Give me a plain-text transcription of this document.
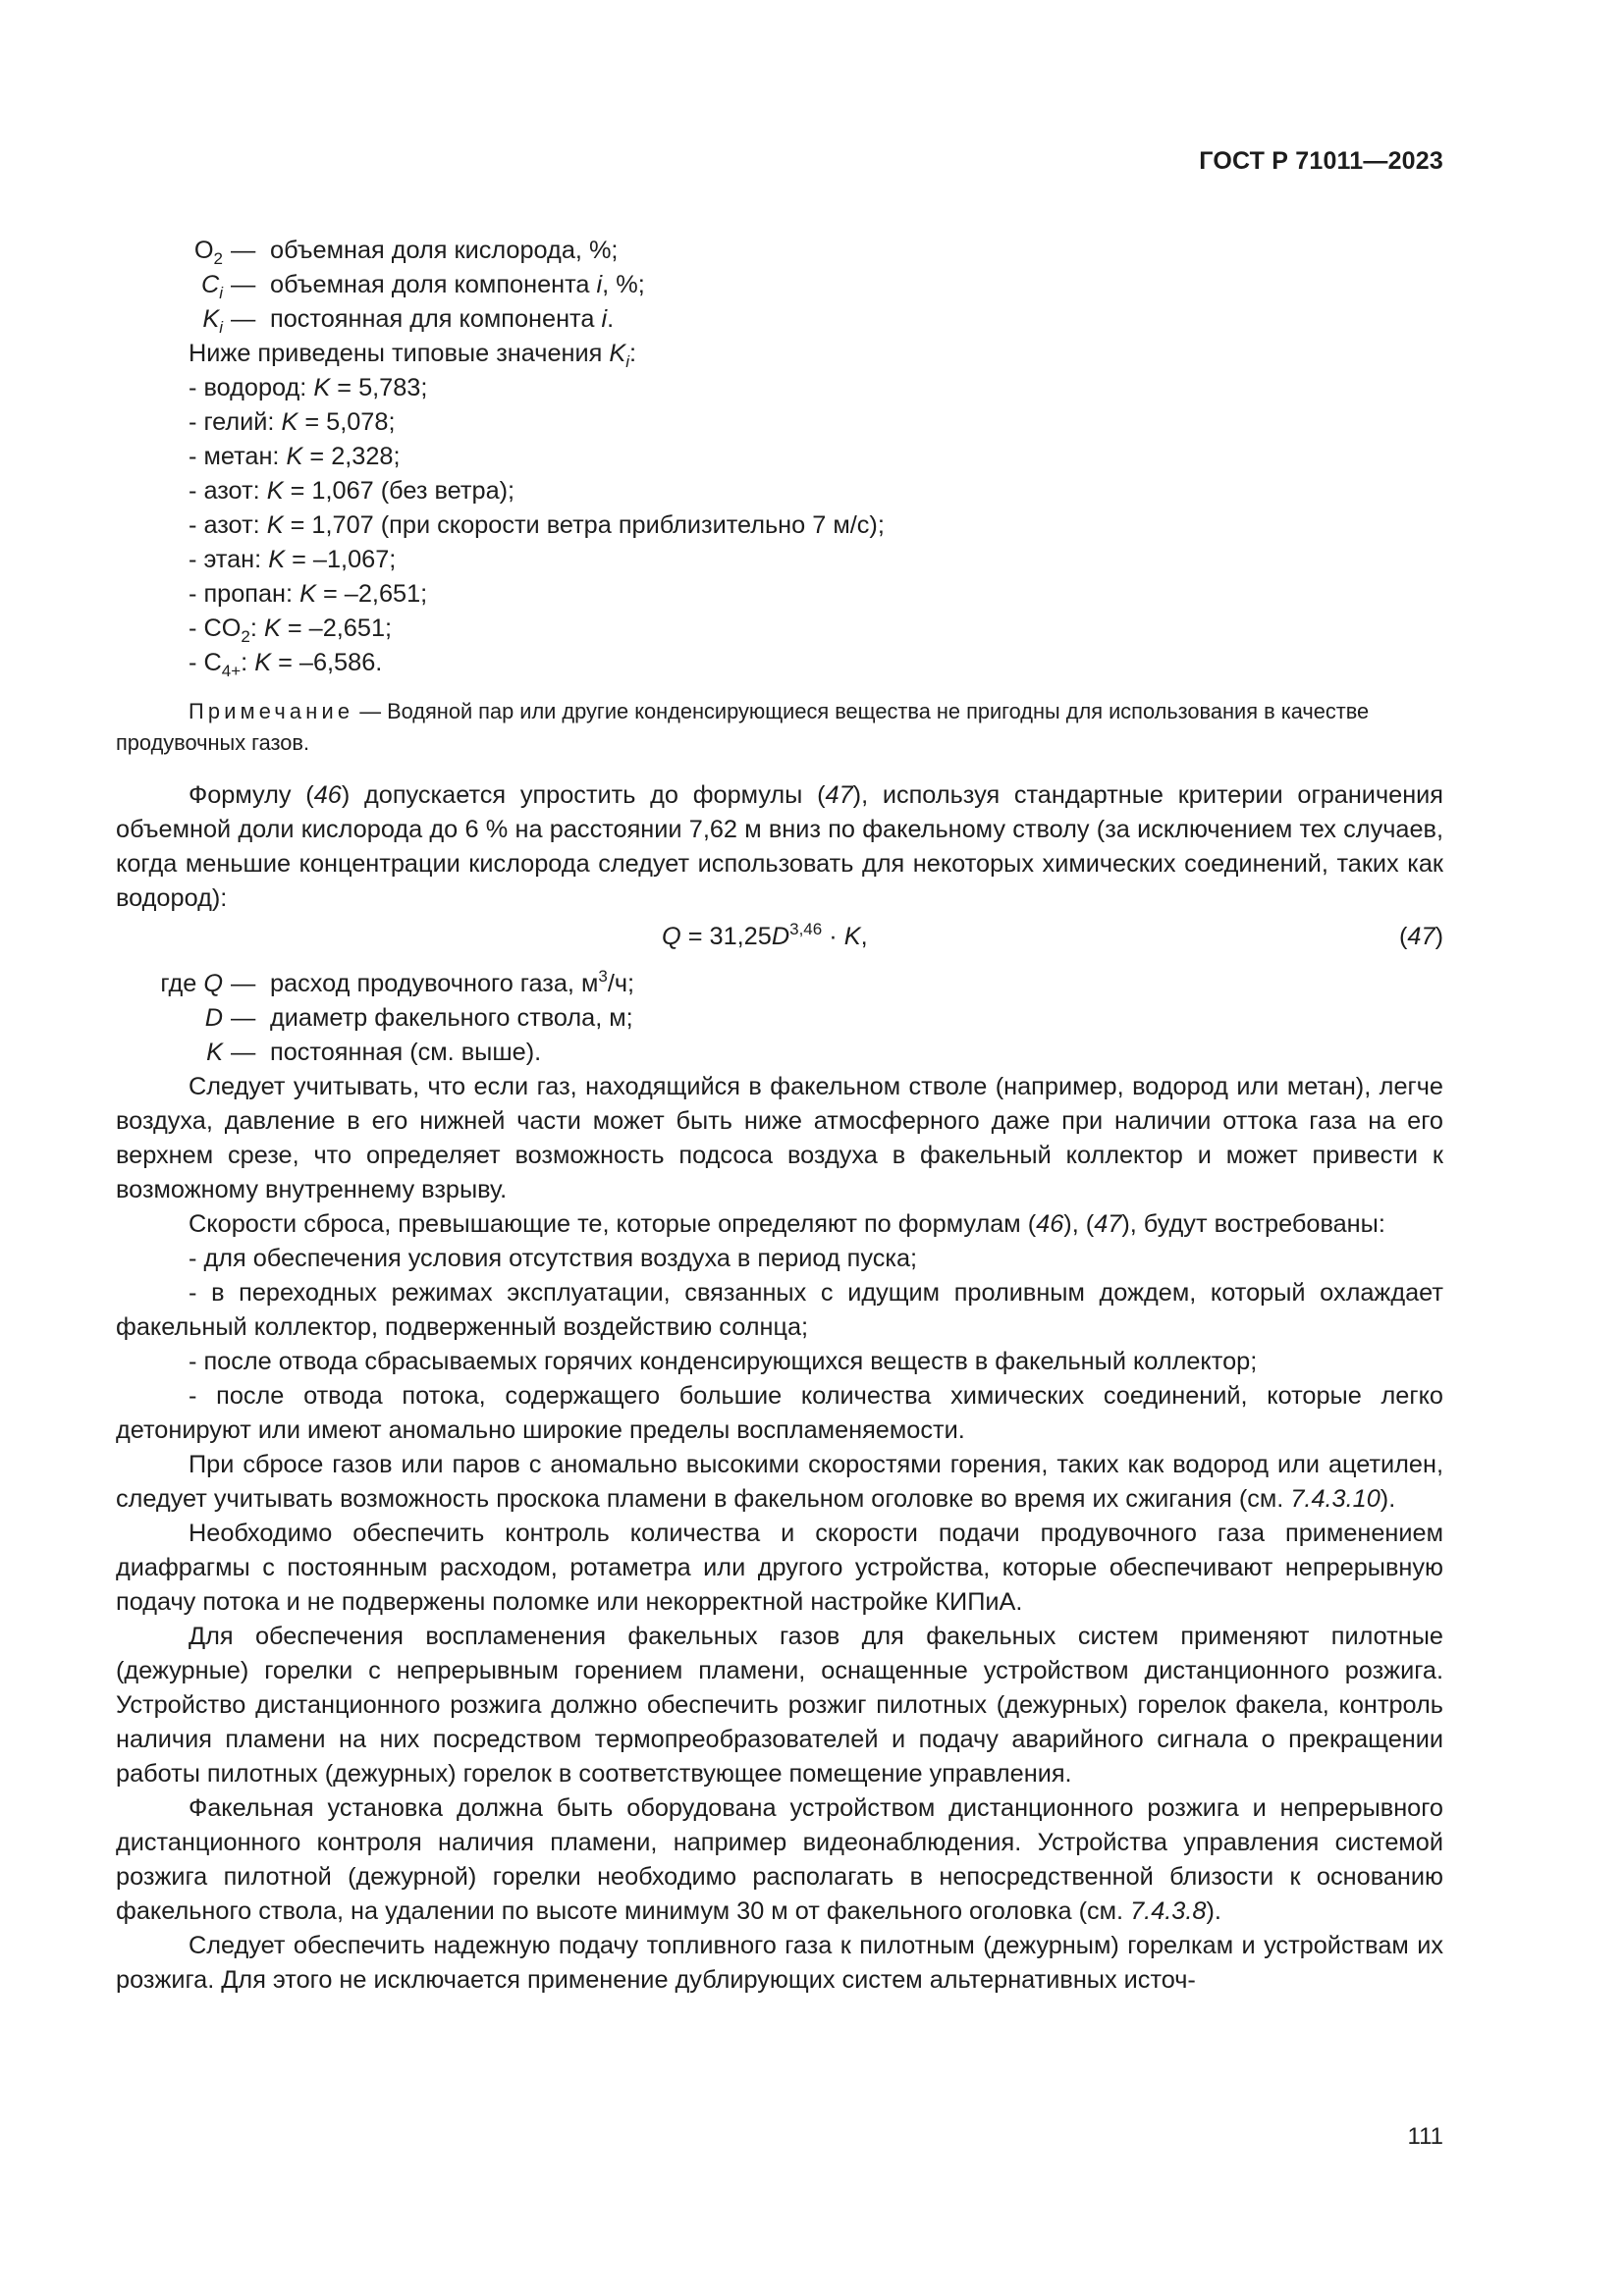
ГОСТ Р 71011—2023
$O_2$ — объемная доля кислорода, %;
$C_i$ — объемная доля компонента i, %;
$K_i$ — постоянная для компонента i.
Ниже приведены типовые значения $K_i$:
- водород: K = 5,783;
- гелий: K = 5,078;
- метан: K = 2,328;
- азот: K = 1,067 (без ветра);
- азот: K = 1,707 (при скорости ветра приблизительно 7 м/с);
- этан: K = –1,067;
- пропан: K = –2,651;
- $CO_2$: K = –2,651;
- $C_{4+}$: K = –6,586.
Примечание — Водяной пар или другие конденсирующиеся вещества не пригодны для использования в качестве продувочных газов.

Формулу (46) допускается упростить до формулы (47), используя стандартные критерии ограничения объемной доли кислорода до 6 % на расстоянии 7,62 м вниз по факельному стволу (за исключением тех случаев, когда меньшие концентрации кислорода следует использовать для некоторых химических соединений, таких как водород):

$Q = 31,25D^{3,46} \cdot K$,	(47)
где Q — расход продувочного газа, $м^3/ч$;
D — диаметр факельного ствола, м;
K — постоянная (см. выше).

Следует учитывать, что если газ, находящийся в факельном стволе (например, водород или метан), легче воздуха, давление в его нижней части может быть ниже атмосферного даже при наличии оттока газа на его верхнем срезе, что определяет возможность подсоса воздуха в факельный коллектор и может привести к возможному внутреннему взрыву.

Скорости сброса, превышающие те, которые определяют по формулам (46), (47), будут востребованы:

- для обеспечения условия отсутствия воздуха в период пуска;

- в переходных режимах эксплуатации, связанных с идущим проливным дождем, который охлаждает факельный коллектор, подверженный воздействию солнца;

- после отвода сбрасываемых горячих конденсирующихся веществ в факельный коллектор;

- после отвода потока, содержащего большие количества химических соединений, которые легко детонируют или имеют аномально широкие пределы воспламеняемости.

При сбросе газов или паров с аномально высокими скоростями горения, таких как водород или ацетилен, следует учитывать возможность проскока пламени в факельном оголовке во время их сжигания (см. 7.4.3.10).

Необходимо обеспечить контроль количества и скорости подачи продувочного газа применением диафрагмы с постоянным расходом, ротаметра или другого устройства, которые обеспечивают непрерывную подачу потока и не подвержены поломке или некорректной настройке КИПиА.

Для обеспечения воспламенения факельных газов для факельных систем применяют пилотные (дежурные) горелки с непрерывным горением пламени, оснащенные устройством дистанционного розжига. Устройство дистанционного розжига должно обеспечить розжиг пилотных (дежурных) горелок факела, контроль наличия пламени на них посредством термопреобразователей и подачу аварийного сигнала о прекращении работы пилотных (дежурных) горелок в соответствующее помещение управления.

Факельная установка должна быть оборудована устройством дистанционного розжига и непрерывного дистанционного контроля наличия пламени, например видеонаблюдения. Устройства управления системой розжига пилотной (дежурной) горелки необходимо располагать в непосредственной близости к основанию факельного ствола, на удалении по высоте минимум 30 м от факельного оголовка (см. 7.4.3.8).

Следует обеспечить надежную подачу топливного газа к пилотным (дежурным) горелкам и устройствам их розжига. Для этого не исключается применение дублирующих систем альтернативных источ-

111
